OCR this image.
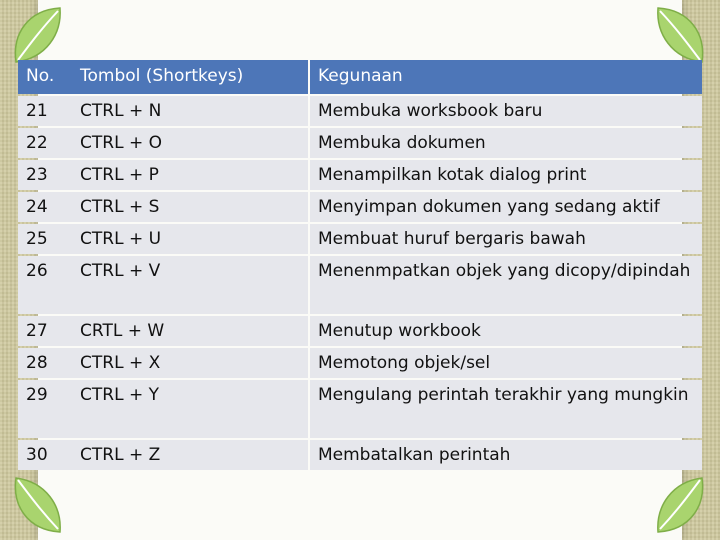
No.	Tombol (Shortkeys)	Kegunaan
21	CTRL + N	Membuka worksbook baru
22	CTRL + O	Membuka dokumen
23	CTRL + P	Menampilkan kotak dialog print
24	CTRL + S	Menyimpan dokumen yang sedang aktif
25	CTRL + U	Membuat huruf bergaris bawah
26	CTRL + V	Menenmpatkan objek yang dicopy/dipindah
27	CRTL + W	Menutup workbook
28	CTRL + X	Memotong objek/sel
29	CTRL + Y	Mengulang perintah terakhir yang mungkin
30	CTRL + Z	Membatalkan perintah
